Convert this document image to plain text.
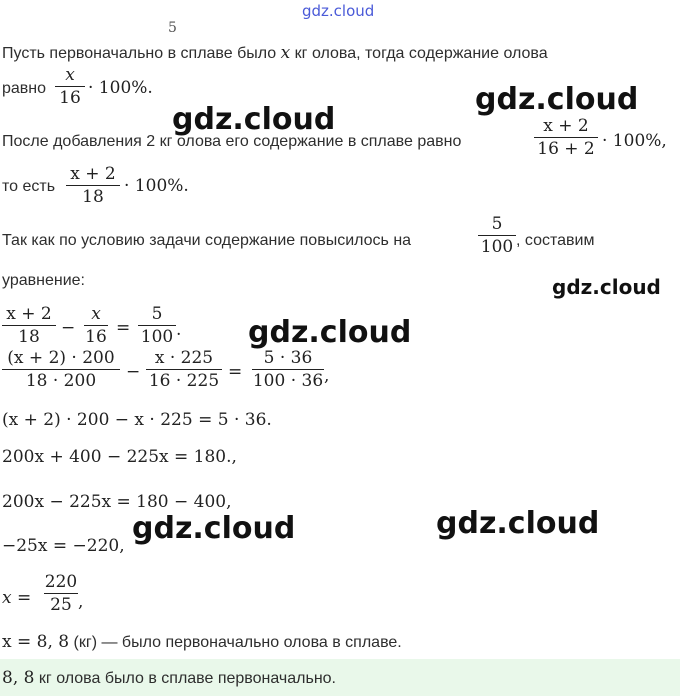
gdz.cloud
5
Пусть первоначально в сплаве было x кг олова, тогда содержание олова
равно
x
16
· 100%.
После добавления 2 кг олова его содержание в сплаве равно
x + 2
16 + 2 · 100%,
то есть
x + 2
18
· 100%.
Так как по условию задачи содержание повысилось на
5
100 , составим
уравнение:
x + 2
18	−
x
16 =
5
100 .
(x + 2) · 200
18 · 200	−
x · 225
16 · 225 =
5 · 36
100 · 36 ,
(x + 2) · 200 − x · 225 = 5 · 36.
200x + 400 − 225x = 180.,
200x − 225x = 180 − 400,
−25x = −220,
x =
220
25 ,
x = 8, 8 (кг) — было первоначально олова в сплаве.
8, 8 кг олова было в сплаве первоначально.
gdz.cloud
gdz.cloud
gdz.cloud
gdz.cloud
gdz.cloud
gdz.cloud
